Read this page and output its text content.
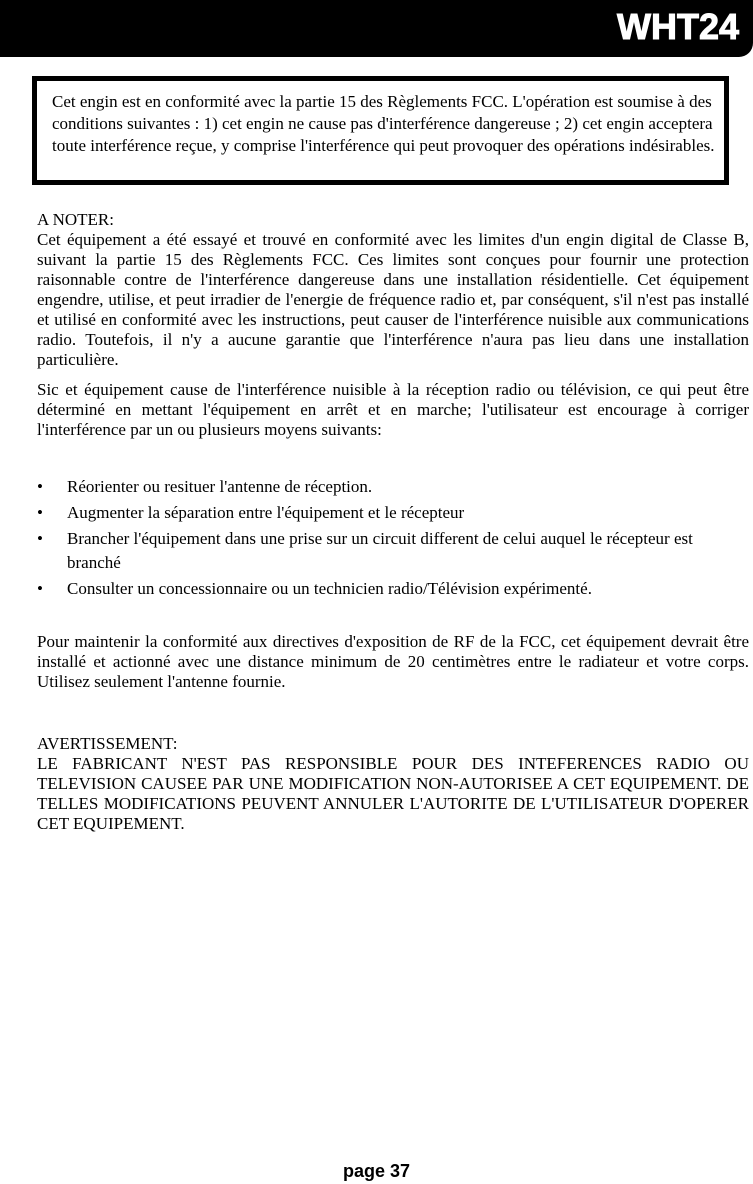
WHT24

Cet engin est en conformité avec la partie 15 des Règlements FCC. L'opération est soumise à des conditions suivantes : 1) cet engin ne cause pas d'interférence dangereuse ; 2) cet engin acceptera toute interférence reçue, y comprise l'interférence qui peut provoquer des opérations indésirables.

A NOTER:

Cet équipement a été essayé et trouvé en conformité avec les limites d'un engin digital de Classe B, suivant la partie 15 des Règlements FCC. Ces limites sont conçues pour fournir une protection raisonnable contre de l'interférence dangereuse dans une installation résidentielle. Cet équipement engendre, utilise, et peut irradier de l'energie de fréquence radio et, par conséquent, s'il n'est pas installé et utilisé en conformité avec les instructions, peut causer de l'interférence nuisible aux communications radio. Toutefois, il n'y a aucune garantie que l'interférence n'aura pas lieu dans une installation particulière.

Sic et équipement cause de l'interférence nuisible à la réception radio ou télévision, ce qui peut être déterminé en mettant l'équipement en arrêt et en marche; l'utilisateur est encourage à corriger l'interférence par un ou plusieurs moyens suivants:

• Réorienter ou resituer l'antenne de réception.
• Augmenter la séparation entre l'équipement et le récepteur
• Brancher l'équipement dans une prise sur un circuit different de celui auquel le récepteur est branché
• Consulter un concessionnaire ou un technicien radio/Télévision expérimenté.

Pour maintenir la conformité aux directives d'exposition de RF de la FCC, cet équipement devrait être installé et actionné avec une distance minimum de 20 centimètres entre le radiateur et votre corps. Utilisez seulement l'antenne fournie.

AVERTISSEMENT:

LE FABRICANT N'EST PAS RESPONSIBLE POUR DES INTEFERENCES RADIO OU TELEVISION CAUSEE PAR UNE MODIFICATION NON-AUTORISEE A CET EQUIPEMENT. DE TELLES MODIFICATIONS PEUVENT ANNULER L'AUTORITE DE L'UTILISATEUR D'OPERER CET EQUIPEMENT.

page 37
